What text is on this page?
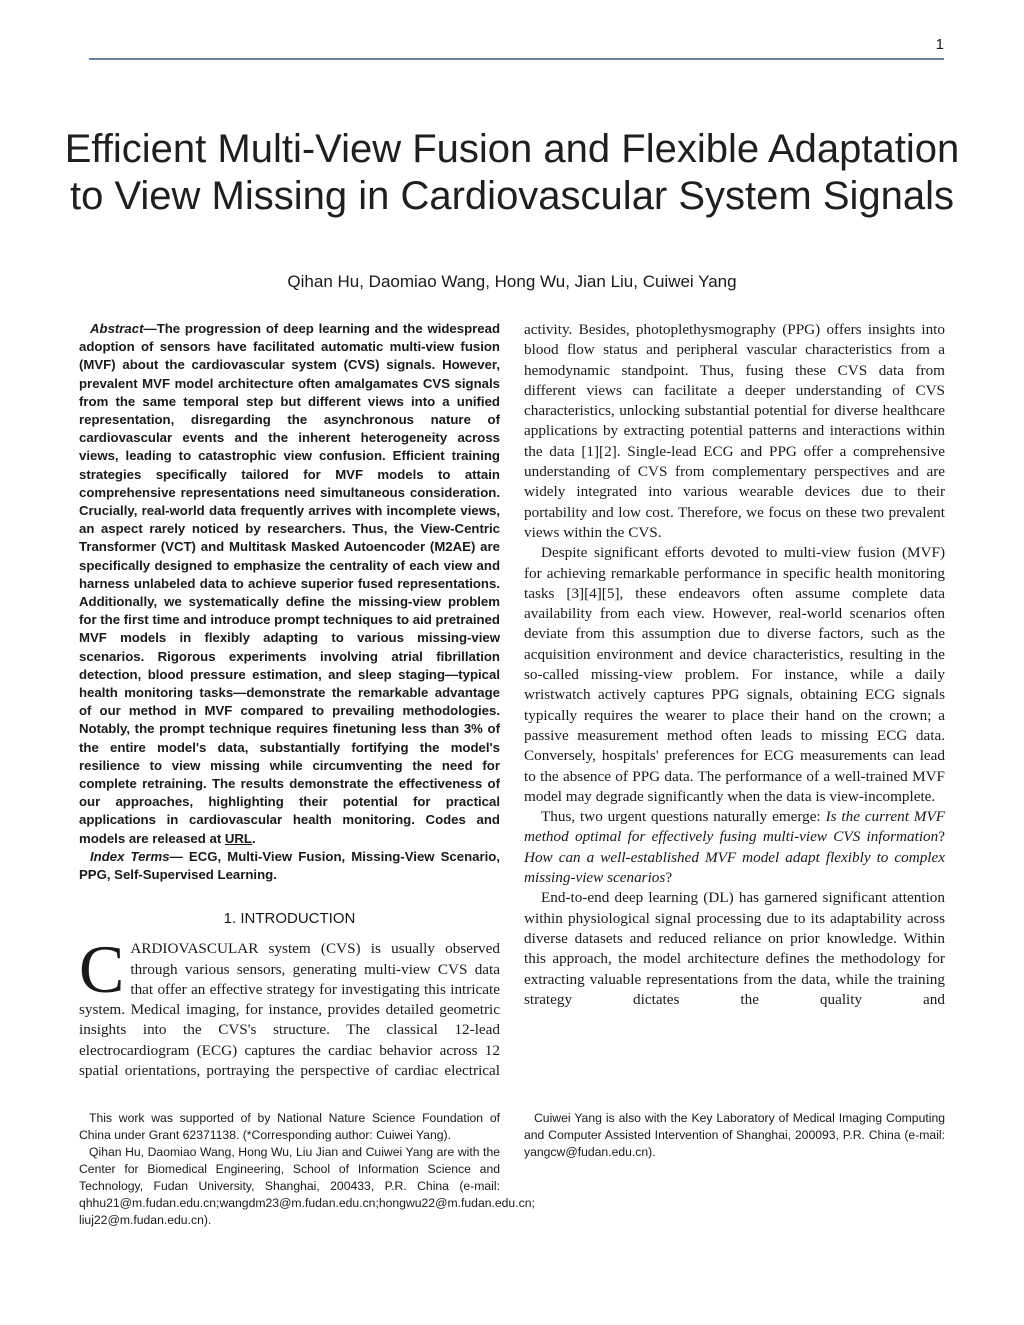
1
Efficient Multi-View Fusion and Flexible Adaptation to View Missing in Cardiovascular System Signals

Qihan Hu, Daomiao Wang, Hong Wu, Jian Liu, Cuiwei Yang

Abstract—The progression of deep learning and the widespread adoption of sensors have facilitated automatic multi-view fusion (MVF) about the cardiovascular system (CVS) signals. However, prevalent MVF model architecture often amalgamates CVS signals from the same temporal step but different views into a unified representation, disregarding the asynchronous nature of cardiovascular events and the inherent heterogeneity across views, leading to catastrophic view confusion. Efficient training strategies specifically tailored for MVF models to attain comprehensive representations need simultaneous consideration. Crucially, real-world data frequently arrives with incomplete views, an aspect rarely noticed by researchers. Thus, the View-Centric Transformer (VCT) and Multitask Masked Autoencoder (M2AE) are specifically designed to emphasize the centrality of each view and harness unlabeled data to achieve superior fused representations. Additionally, we systematically define the missing-view problem for the first time and introduce prompt techniques to aid pretrained MVF models in flexibly adapting to various missing-view scenarios. Rigorous experiments involving atrial fibrillation detection, blood pressure estimation, and sleep staging—typical health monitoring tasks—demonstrate the remarkable advantage of our method in MVF compared to prevailing methodologies. Notably, the prompt technique requires finetuning less than 3% of the entire model's data, substantially fortifying the model's resilience to view missing while circumventing the need for complete retraining. The results demonstrate the effectiveness of our approaches, highlighting their potential for practical applications in cardiovascular health monitoring. Codes and models are released at URL.

Index Terms— ECG, Multi-View Fusion, Missing-View Scenario, PPG, Self-Supervised Learning.

1. INTRODUCTION

CARDIOVASCULAR system (CVS) is usually observed through various sensors, generating multi-view CVS data that offer an effective strategy for investigating this intricate system. Medical imaging, for instance, provides detailed geometric insights into the CVS's structure. The classical 12-lead electrocardiogram (ECG) captures the cardiac behavior across 12 spatial orientations, portraying the perspective of cardiac electrical

activity. Besides, photoplethysmography (PPG) offers insights into blood flow status and peripheral vascular characteristics from a hemodynamic standpoint. Thus, fusing these CVS data from different views can facilitate a deeper understanding of CVS characteristics, unlocking substantial potential for diverse healthcare applications by extracting potential patterns and interactions within the data [1][2]. Single-lead ECG and PPG offer a comprehensive understanding of CVS from complementary perspectives and are widely integrated into various wearable devices due to their portability and low cost. Therefore, we focus on these two prevalent views within the CVS.

Despite significant efforts devoted to multi-view fusion (MVF) for achieving remarkable performance in specific health monitoring tasks [3][4][5], these endeavors often assume complete data availability from each view. However, real-world scenarios often deviate from this assumption due to diverse factors, such as the acquisition environment and device characteristics, resulting in the so-called missing-view problem. For instance, while a daily wristwatch actively captures PPG signals, obtaining ECG signals typically requires the wearer to place their hand on the crown; a passive measurement method often leads to missing ECG data. Conversely, hospitals' preferences for ECG measurements can lead to the absence of PPG data. The performance of a well-trained MVF model may degrade significantly when the data is view-incomplete.

Thus, two urgent questions naturally emerge: Is the current MVF method optimal for effectively fusing multi-view CVS information? How can a well-established MVF model adapt flexibly to complex missing-view scenarios?

End-to-end deep learning (DL) has garnered significant attention within physiological signal processing due to its adaptability across diverse datasets and reduced reliance on prior knowledge. Within this approach, the model architecture defines the methodology for extracting valuable representations from the data, while the training strategy dictates the quality and

This work was supported of by National Nature Science Foundation of China under Grant 62371138. (*Corresponding author: Cuiwei Yang).

Qihan Hu, Daomiao Wang, Hong Wu, Liu Jian and Cuiwei Yang are with the Center for Biomedical Engineering, School of Information Science and Technology, Fudan University, Shanghai, 200433, P.R. China (e-mail: qhhu21@m.fudan.edu.cn;wangdm23@m.fudan.edu.cn;hongwu22@m.fudan.edu.cn; liuj22@m.fudan.edu.cn).

Cuiwei Yang is also with the Key Laboratory of Medical Imaging Computing and Computer Assisted Intervention of Shanghai, 200093, P.R. China (e-mail: yangcw@fudan.edu.cn).
